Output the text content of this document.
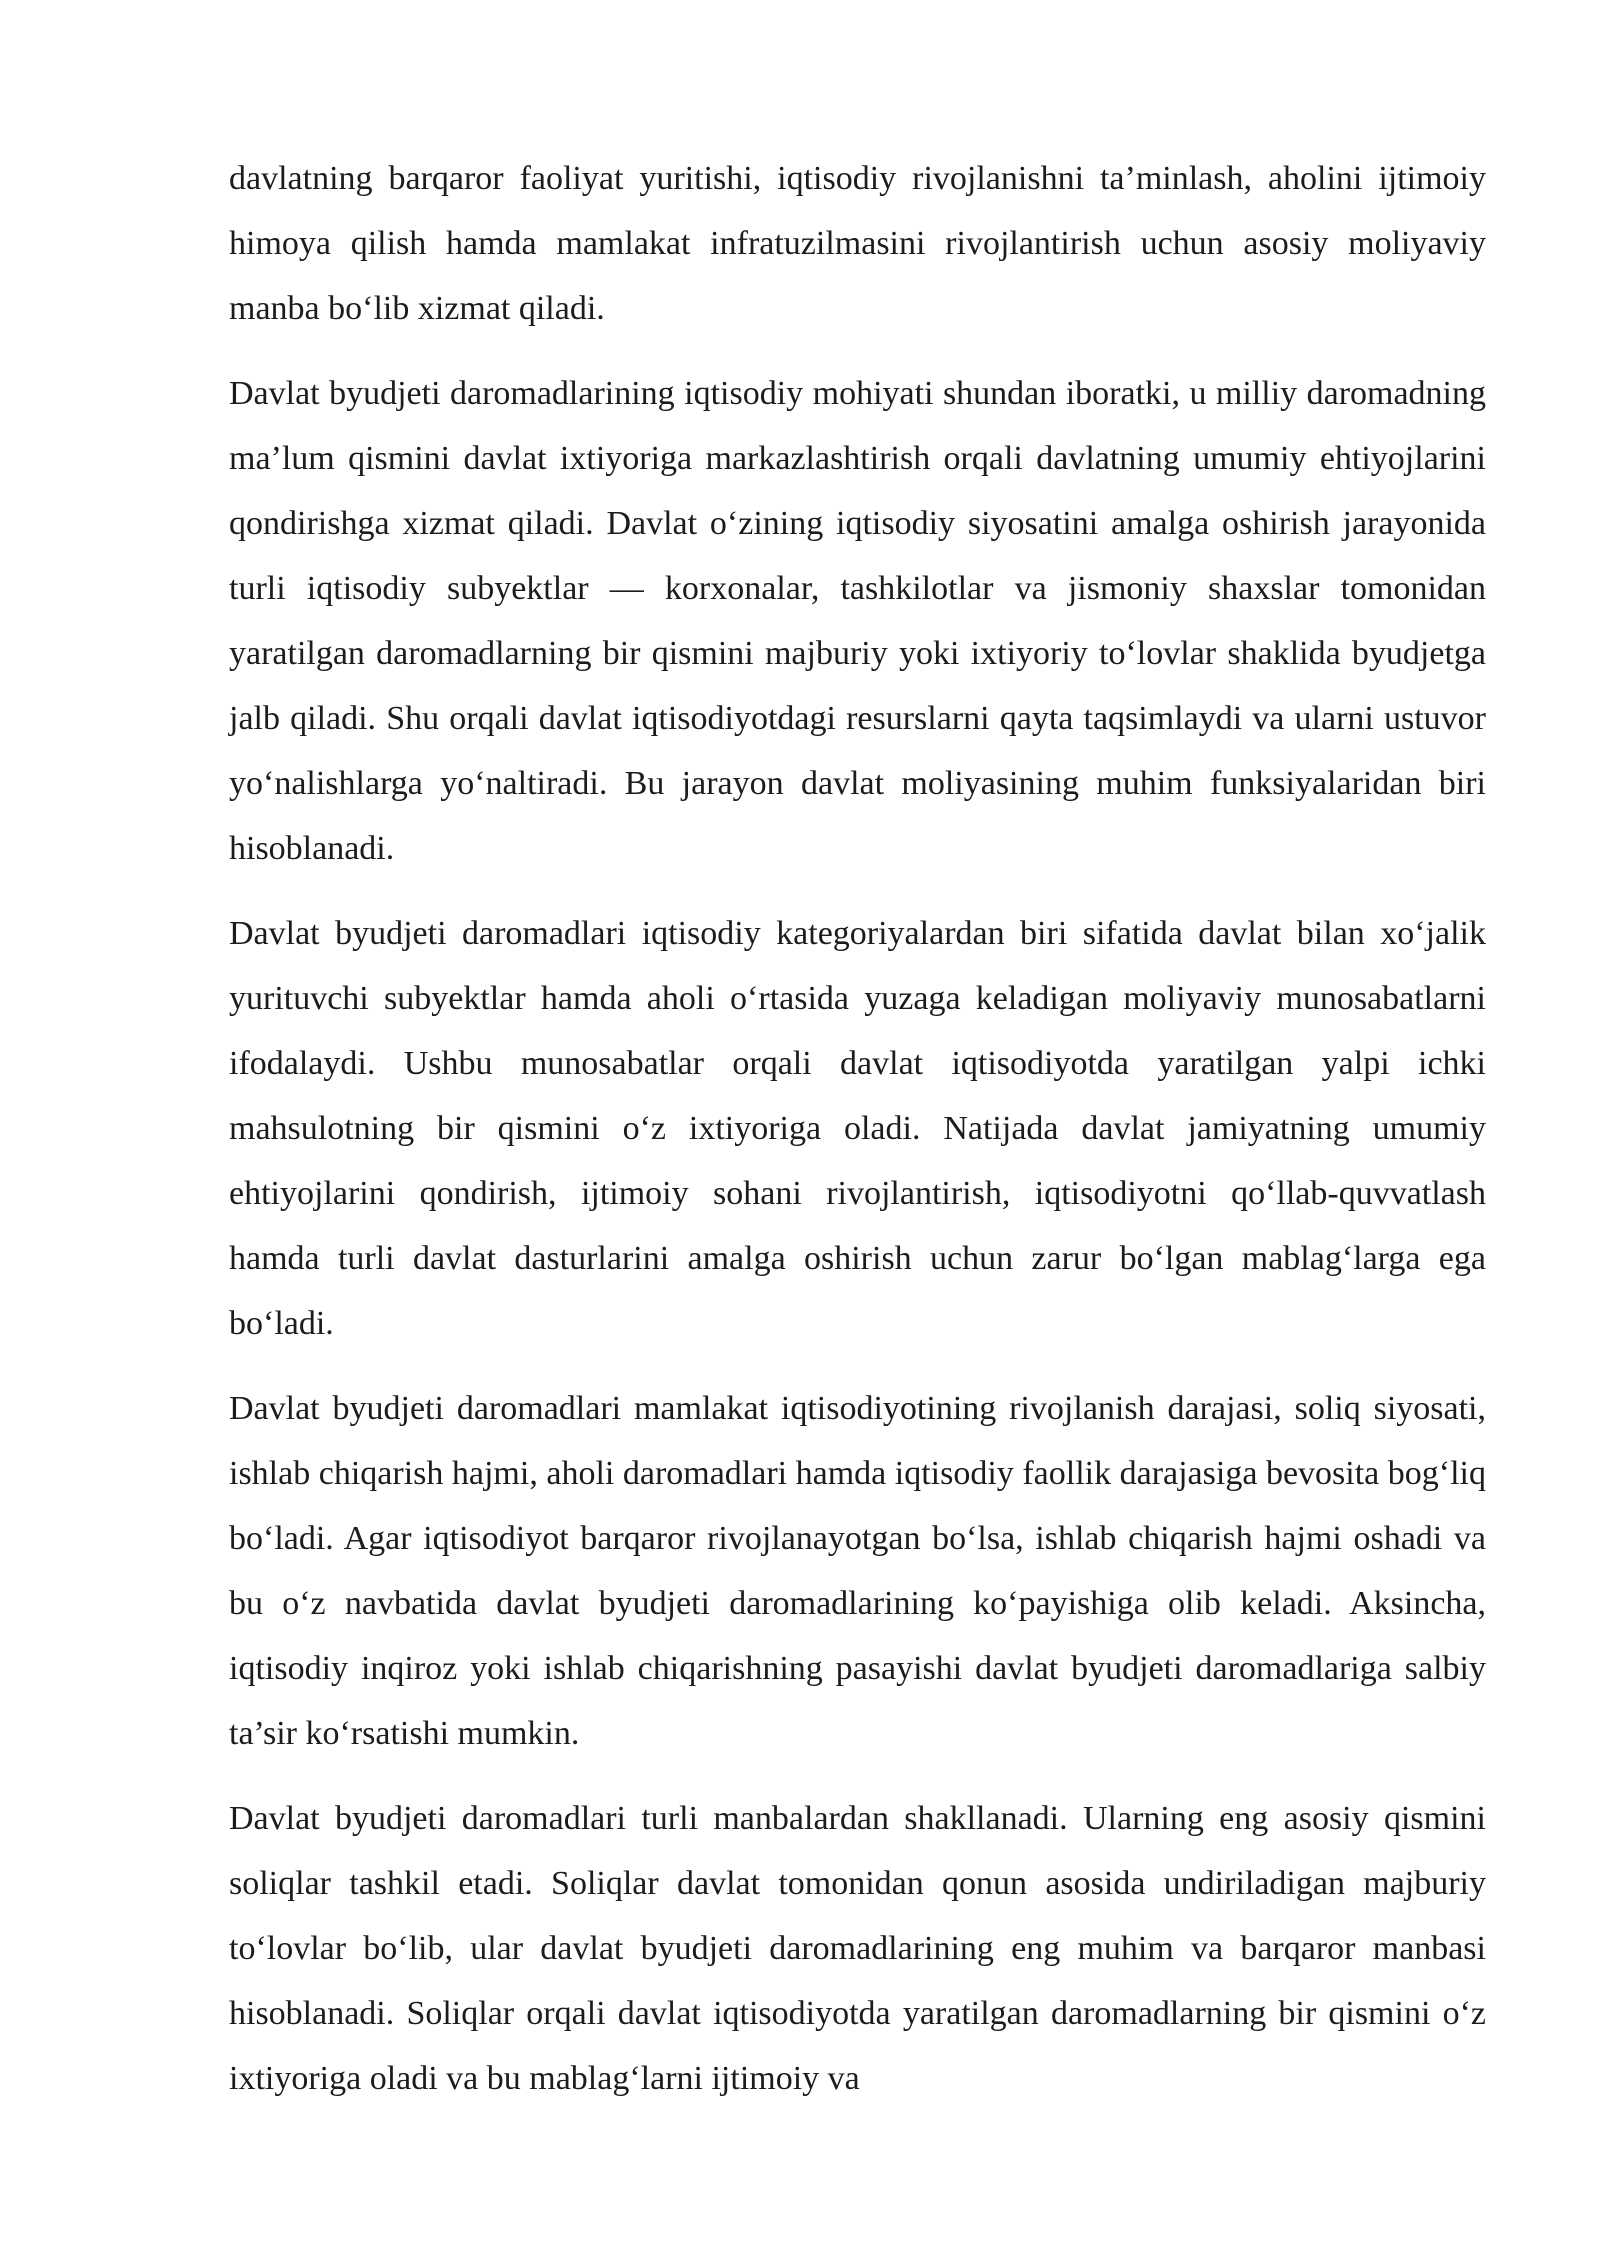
davlatning barqaror faoliyat yuritishi, iqtisodiy rivojlanishni ta’minlash, aholini ijtimoiy himoya qilish hamda mamlakat infratuzilmasini rivojlantirish uchun asosiy moliyaviy manba bo‘lib xizmat qiladi.

Davlat byudjeti daromadlarining iqtisodiy mohiyati shundan iboratki, u milliy daromadning ma’lum qismini davlat ixtiyoriga markazlashtirish orqali davlatning umumiy ehtiyojlarini qondirishga xizmat qiladi. Davlat o‘zining iqtisodiy siyosatini amalga oshirish jarayonida turli iqtisodiy subyektlar — korxonalar, tashkilotlar va jismoniy shaxslar tomonidan yaratilgan daromadlarning bir qismini majburiy yoki ixtiyoriy to‘lovlar shaklida byudjetga jalb qiladi. Shu orqali davlat iqtisodiyotdagi resurslarni qayta taqsimlaydi va ularni ustuvor yo‘nalishlarga yo‘naltiradi. Bu jarayon davlat moliyasining muhim funksiyalaridan biri hisoblanadi.

Davlat byudjeti daromadlari iqtisodiy kategoriyalardan biri sifatida davlat bilan xo‘jalik yurituvchi subyektlar hamda aholi o‘rtasida yuzaga keladigan moliyaviy munosabatlarni ifodalaydi. Ushbu munosabatlar orqali davlat iqtisodiyotda yaratilgan yalpi ichki mahsulotning bir qismini o‘z ixtiyoriga oladi. Natijada davlat jamiyatning umumiy ehtiyojlarini qondirish, ijtimoiy sohani rivojlantirish, iqtisodiyotni qo‘llab-quvvatlash hamda turli davlat dasturlarini amalga oshirish uchun zarur bo‘lgan mablag‘larga ega bo‘ladi.

Davlat byudjeti daromadlari mamlakat iqtisodiyotining rivojlanish darajasi, soliq siyosati, ishlab chiqarish hajmi, aholi daromadlari hamda iqtisodiy faollik darajasiga bevosita bog‘liq bo‘ladi. Agar iqtisodiyot barqaror rivojlanayotgan bo‘lsa, ishlab chiqarish hajmi oshadi va bu o‘z navbatida davlat byudjeti daromadlarining ko‘payishiga olib keladi. Aksincha, iqtisodiy inqiroz yoki ishlab chiqarishning pasayishi davlat byudjeti daromadlariga salbiy ta’sir ko‘rsatishi mumkin.

Davlat byudjeti daromadlari turli manbalardan shakllanadi. Ularning eng asosiy qismini soliqlar tashkil etadi. Soliqlar davlat tomonidan qonun asosida undiriladigan majburiy to‘lovlar bo‘lib, ular davlat byudjeti daromadlarining eng muhim va barqaror manbasi hisoblanadi. Soliqlar orqali davlat iqtisodiyotda yaratilgan daromadlarning bir qismini o‘z ixtiyoriga oladi va bu mablag‘larni ijtimoiy va
